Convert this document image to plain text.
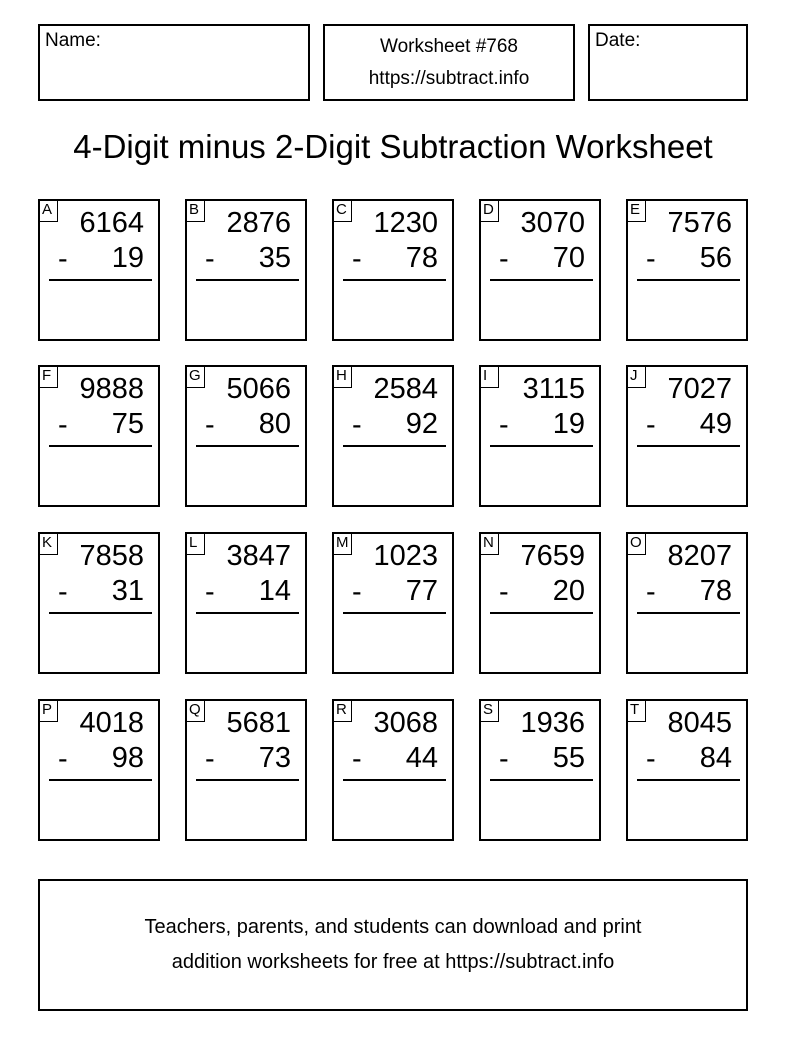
Name:	Worksheet #768
https://subtract.info
Date:
4-Digit minus 2-Digit Subtraction Worksheet
A 6164
- 19
B 2876
- 35
C 1230
- 78
D 3070
- 70
E 7576
- 56
F 9888
- 75
G 5066
- 80
H 2584
- 92
I	3115
- 19
J 7027
- 49
K 7858
- 31
L 3847
- 14
M 1023
- 77
N 7659
- 20
O 8207
- 78
P 4018
- 98
Q 5681
- 73
R 3068
- 44
S 1936
- 55
T 8045
- 84
Teachers, parents, and students can download and print
addition worksheets for free at https://subtract.info
